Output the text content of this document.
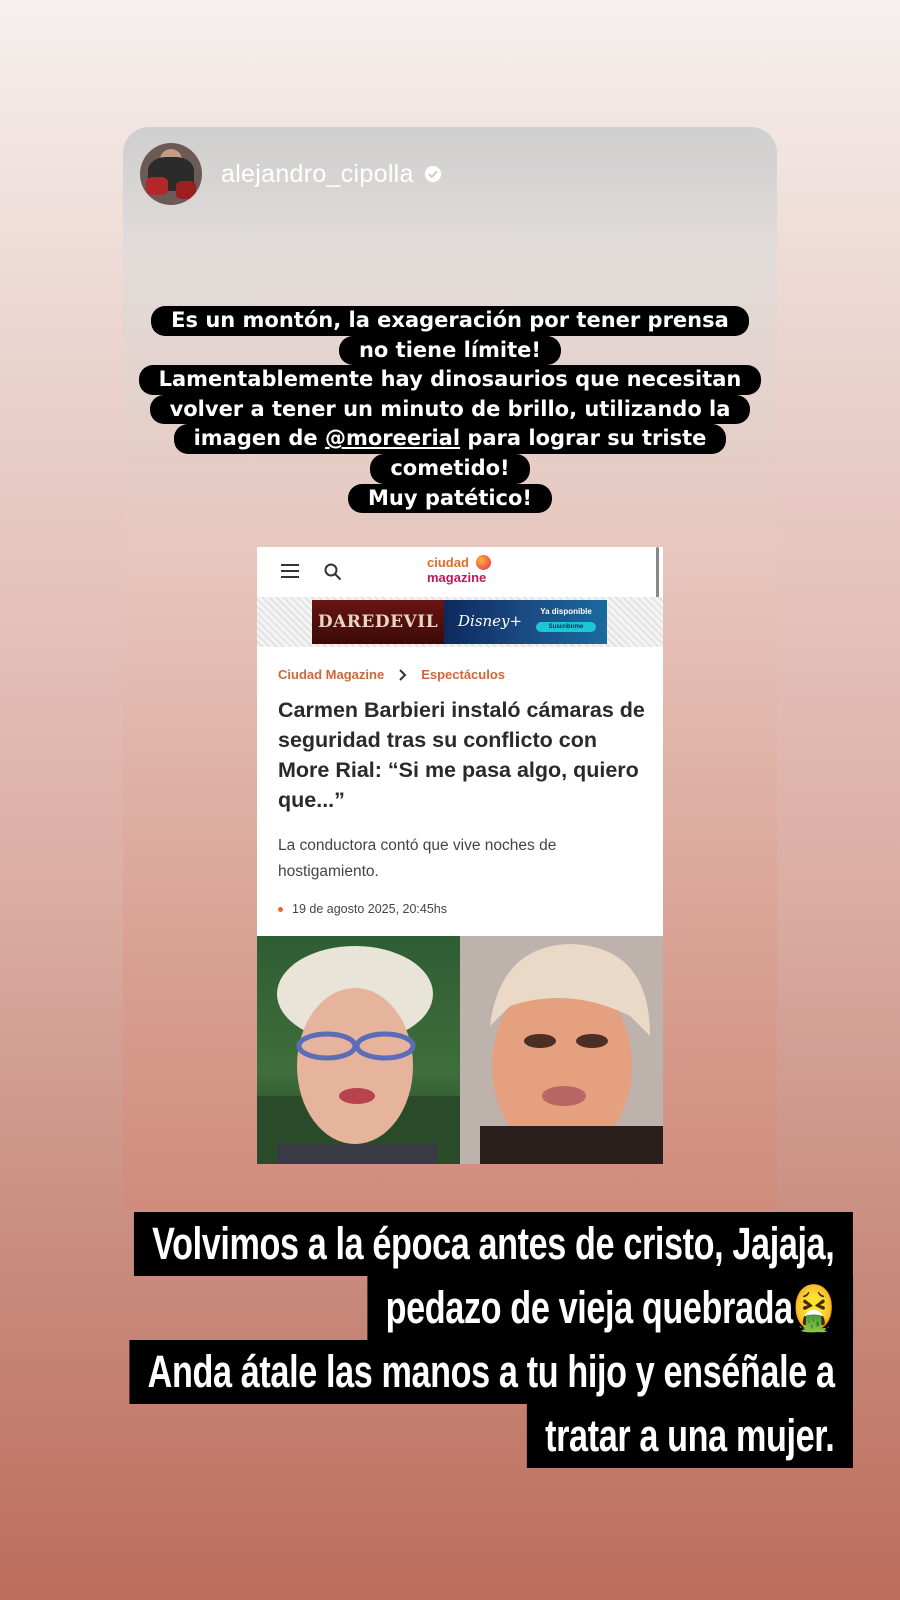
alejandro_cipolla
Es un montón, la exageración por tener prensa
no tiene límite!
Lamentablemente hay dinosaurios que necesitan
volver a tener un minuto de brillo, utilizando la
imagen de @moreerial para lograr su triste
cometido!
Muy patético!
ciudad
magazine
DAREDEVIL	Disney+
Ya disponible
Suscribirme
Ciudad Magazine	Espectáculos
Carmen Barbieri instaló cámaras de seguridad tras su conflicto con More Rial: “Si me pasa algo, quiero que...”
La conductora contó que vive noches de hostigamiento.
19 de agosto 2025, 20:45hs
Volvimos a la época antes de cristo, Jajaja,
pedazo de vieja quebrada🤮
Anda átale las manos a tu hijo y enséñale a
tratar a una mujer.
